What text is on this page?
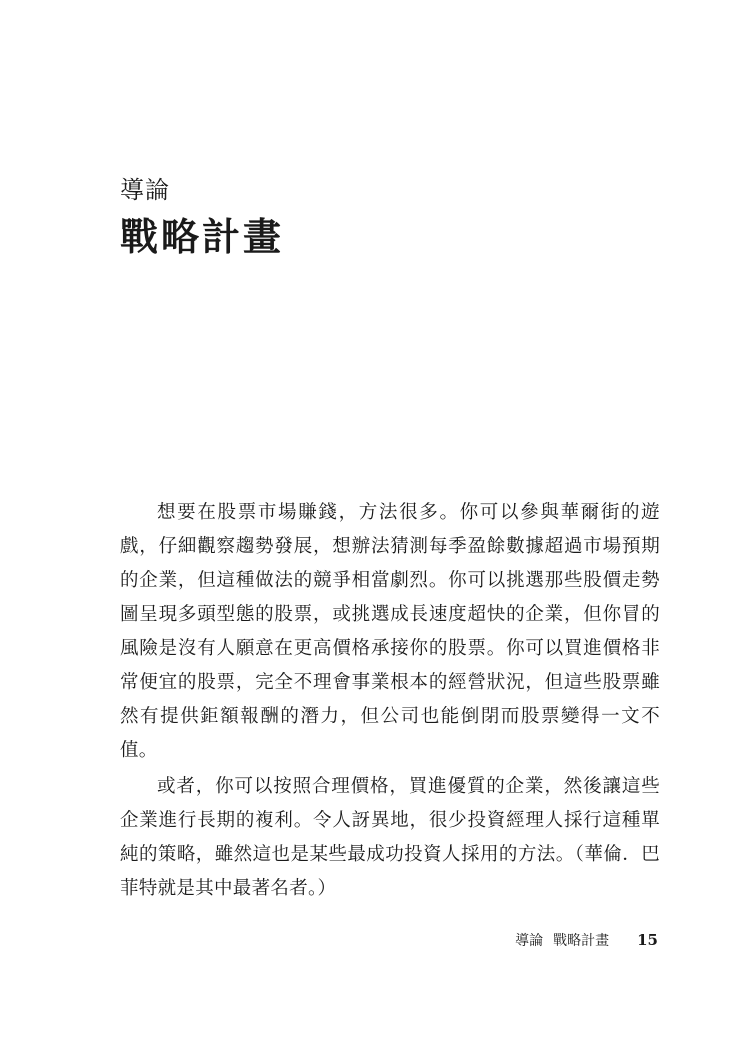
導論
戰略計畫

想要在股票市場賺錢，方法很多。你可以參與華爾街的遊戲，仔細觀察趨勢發展，想辦法猜測每季盈餘數據超過市場預期的企業，但這種做法的競爭相當劇烈。你可以挑選那些股價走勢圖呈現多頭型態的股票，或挑選成長速度超快的企業，但你冒的風險是沒有人願意在更高價格承接你的股票。你可以買進價格非常便宜的股票，完全不理會事業根本的經營狀況，但這些股票雖然有提供鉅額報酬的潛力，但公司也能倒閉而股票變得一文不值。

或者，你可以按照合理價格，買進優質的企業，然後讓這些企業進行長期的複利。令人訝異地，很少投資經理人採行這種單純的策略，雖然這也是某些最成功投資人採用的方法。（華倫．巴菲特就是其中最著名者。）

導論 戰略計畫 15
